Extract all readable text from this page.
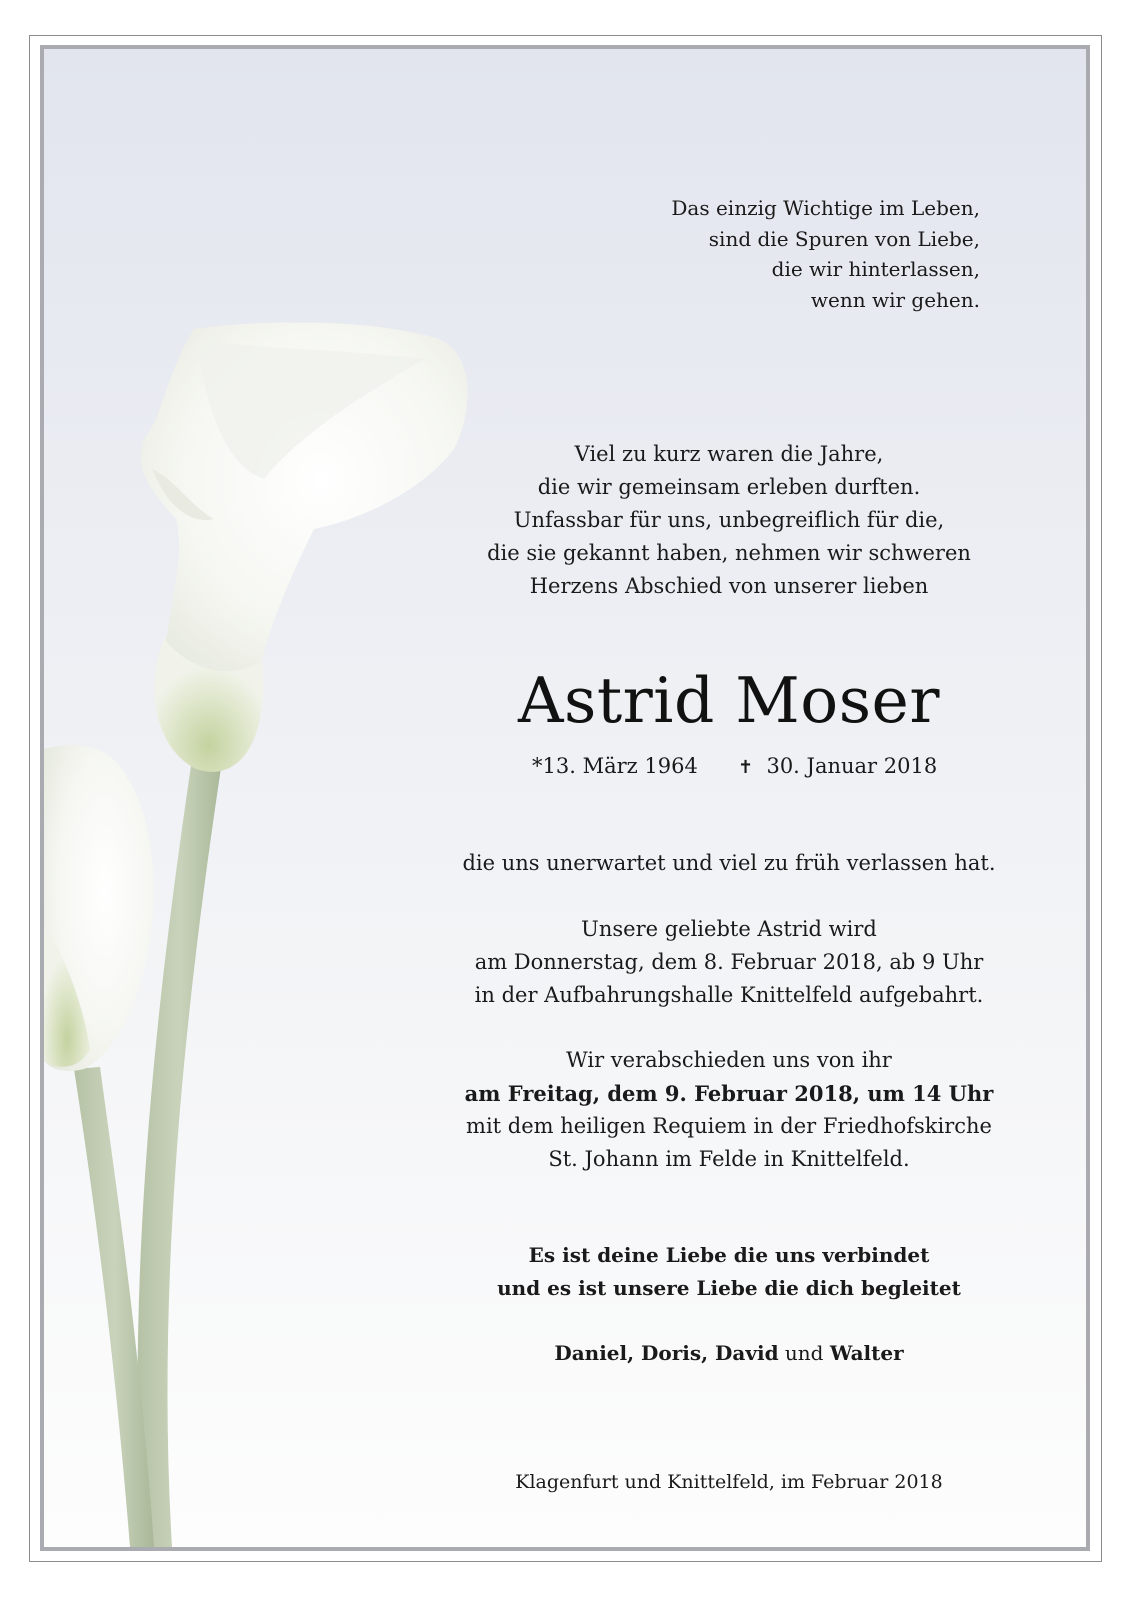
Das einzig Wichtige im Leben,
sind die Spuren von Liebe,
die wir hinterlassen,
wenn wir gehen.

Viel zu kurz waren die Jahre,
die wir gemeinsam erleben durften.
Unfassbar für uns, unbegreiflich für die,
die sie gekannt haben, nehmen wir schweren
Herzens Abschied von unserer lieben

Astrid Moser
*13. März 1964 ✝ 30. Januar 2018

die uns unerwartet und viel zu früh verlassen hat.

Unsere geliebte Astrid wird
am Donnerstag, dem 8. Februar 2018, ab 9 Uhr
in der Aufbahrungshalle Knittelfeld aufgebahrt.

Wir verabschieden uns von ihr
am Freitag, dem 9. Februar 2018, um 14 Uhr
mit dem heiligen Requiem in der Friedhofskirche
St. Johann im Felde in Knittelfeld.

Es ist deine Liebe die uns verbindet
und es ist unsere Liebe die dich begleitet

Daniel, Doris, David und Walter

Klagenfurt und Knittelfeld, im Februar 2018
